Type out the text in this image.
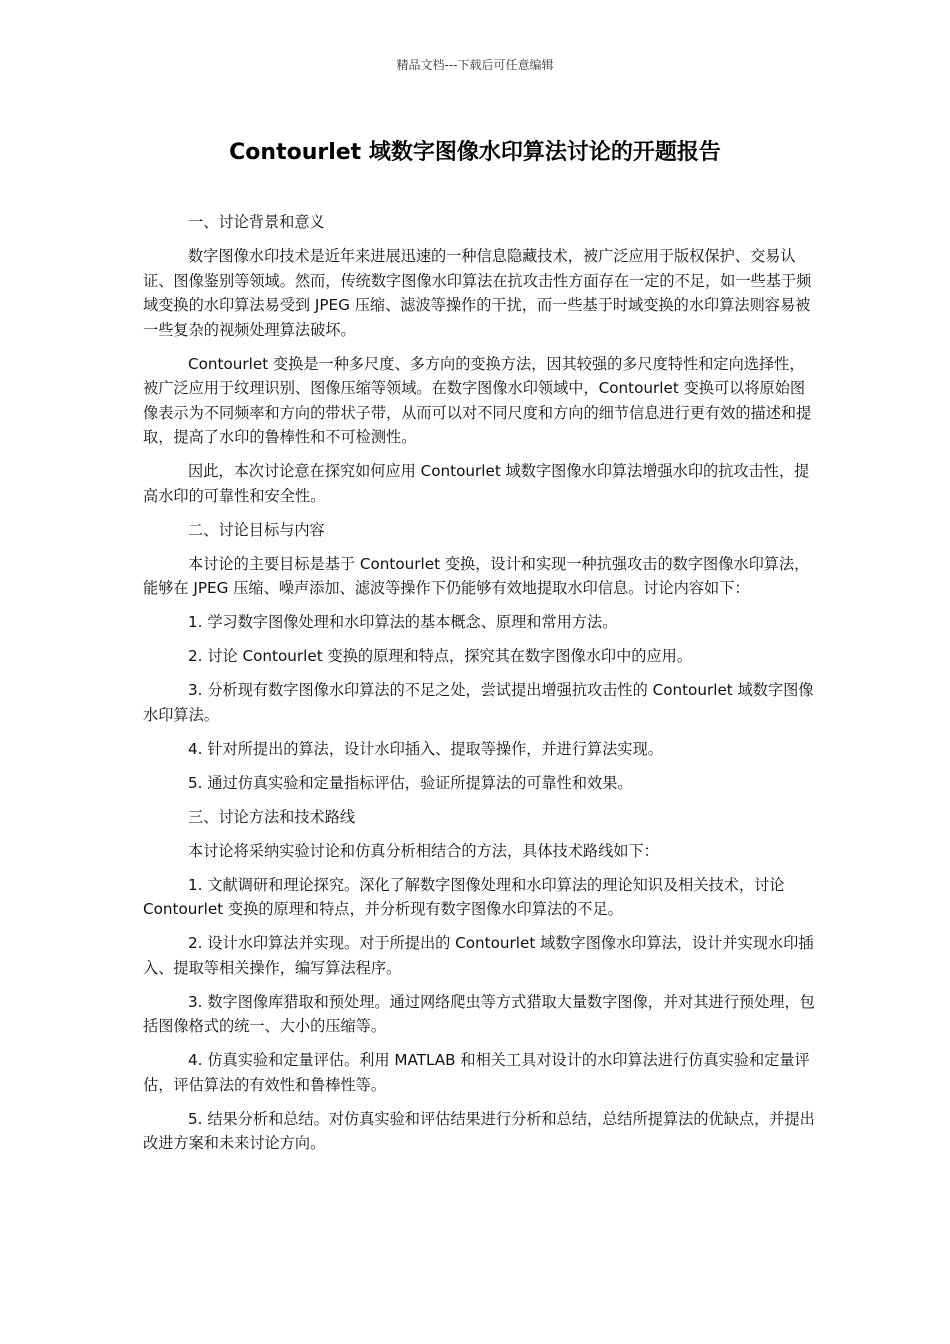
精品文档---下载后可任意编辑
Contourlet 域数字图像水印算法讨论的开题报告

一、讨论背景和意义

数字图像水印技术是近年来进展迅速的一种信息隐藏技术，被广泛应用于版权保护、交易认证、图像鉴别等领域。然而，传统数字图像水印算法在抗攻击性方面存在一定的不足，如一些基于频域变换的水印算法易受到 JPEG 压缩、滤波等操作的干扰，而一些基于时域变换的水印算法则容易被一些复杂的视频处理算法破坏。

Contourlet 变换是一种多尺度、多方向的变换方法，因其较强的多尺度特性和定向选择性，被广泛应用于纹理识别、图像压缩等领域。在数字图像水印领域中，Contourlet 变换可以将原始图像表示为不同频率和方向的带状子带，从而可以对不同尺度和方向的细节信息进行更有效的描述和提取，提高了水印的鲁棒性和不可检测性。

因此，本次讨论意在探究如何应用 Contourlet 域数字图像水印算法增强水印的抗攻击性，提高水印的可靠性和安全性。

二、讨论目标与内容

本讨论的主要目标是基于 Contourlet 变换，设计和实现一种抗强攻击的数字图像水印算法，能够在 JPEG 压缩、噪声添加、滤波等操作下仍能够有效地提取水印信息。讨论内容如下：

1. 学习数字图像处理和水印算法的基本概念、原理和常用方法。

2. 讨论 Contourlet 变换的原理和特点，探究其在数字图像水印中的应用。

3. 分析现有数字图像水印算法的不足之处，尝试提出增强抗攻击性的 Contourlet 域数字图像水印算法。

4. 针对所提出的算法，设计水印插入、提取等操作，并进行算法实现。

5. 通过仿真实验和定量指标评估，验证所提算法的可靠性和效果。

三、讨论方法和技术路线

本讨论将采纳实验讨论和仿真分析相结合的方法，具体技术路线如下：

1. 文献调研和理论探究。深化了解数字图像处理和水印算法的理论知识及相关技术，讨论 Contourlet 变换的原理和特点，并分析现有数字图像水印算法的不足。

2. 设计水印算法并实现。对于所提出的 Contourlet 域数字图像水印算法，设计并实现水印插入、提取等相关操作，编写算法程序。

3. 数字图像库猎取和预处理。通过网络爬虫等方式猎取大量数字图像，并对其进行预处理，包括图像格式的统一、大小的压缩等。

4. 仿真实验和定量评估。利用 MATLAB 和相关工具对设计的水印算法进行仿真实验和定量评估，评估算法的有效性和鲁棒性等。

5. 结果分析和总结。对仿真实验和评估结果进行分析和总结，总结所提算法的优缺点，并提出改进方案和未来讨论方向。
